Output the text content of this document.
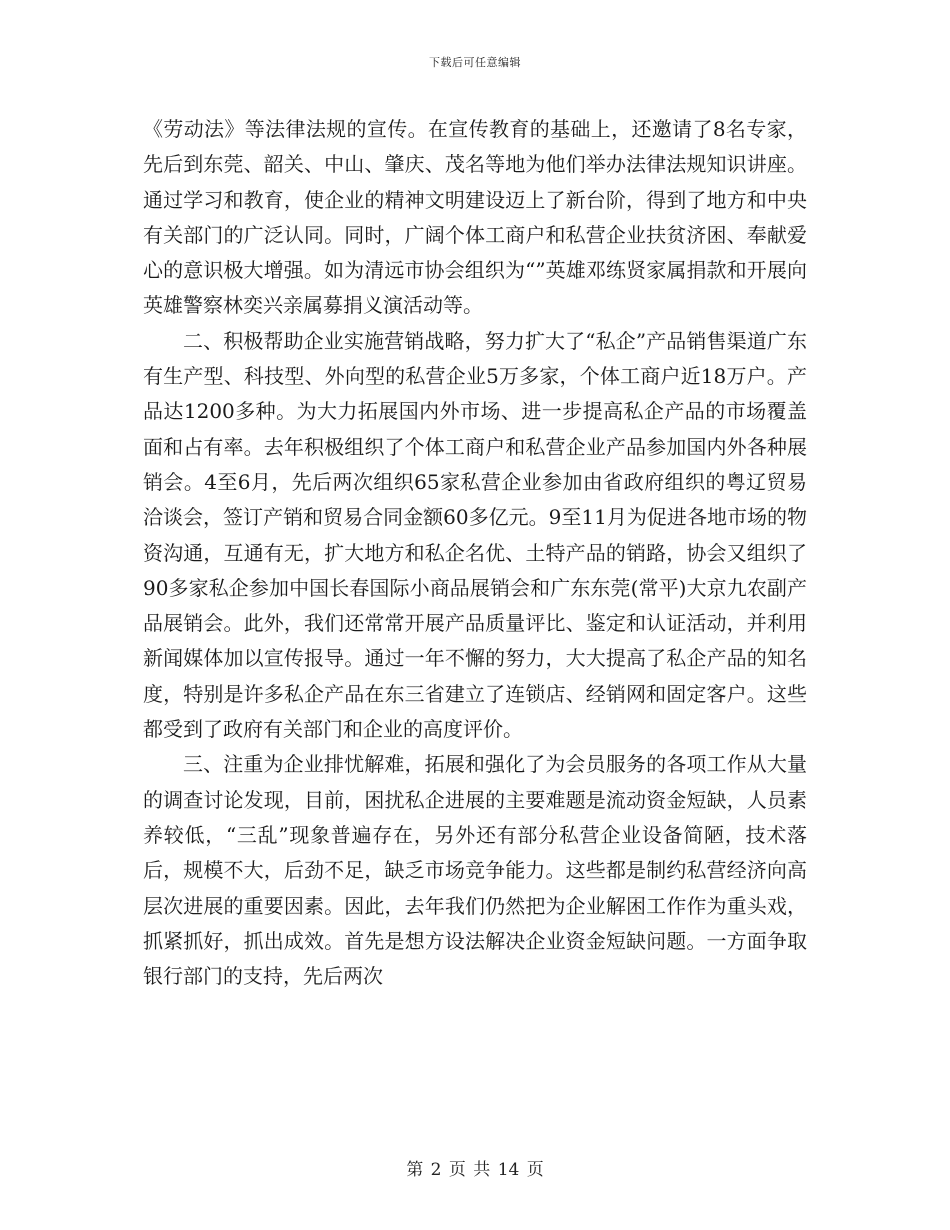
下载后可任意编辑

《劳动法》等法律法规的宣传。在宣传教育的基础上，还邀请了8名专家，先后到东莞、韶关、中山、肇庆、茂名等地为他们举办法律法规知识讲座。通过学习和教育，使企业的精神文明建设迈上了新台阶，得到了地方和中央有关部门的广泛认同。同时，广阔个体工商户和私营企业扶贫济困、奉献爱心的意识极大增强。如为清远市协会组织为“”英雄邓练贤家属捐款和开展向英雄警察林奕兴亲属募捐义演活动等。

二、积极帮助企业实施营销战略，努力扩大了“私企”产品销售渠道广东有生产型、科技型、外向型的私营企业5万多家，个体工商户近18万户。产品达1200多种。为大力拓展国内外市场、进一步提高私企产品的市场覆盖面和占有率。去年积极组织了个体工商户和私营企业产品参加国内外各种展销会。4至6月，先后两次组织65家私营企业参加由省政府组织的粤辽贸易洽谈会，签订产销和贸易合同金额60多亿元。9至11月为促进各地市场的物资沟通，互通有无，扩大地方和私企名优、土特产品的销路，协会又组织了90多家私企参加中国长春国际小商品展销会和广东东莞(常平)大京九农副产品展销会。此外，我们还常常开展产品质量评比、鉴定和认证活动，并利用新闻媒体加以宣传报导。通过一年不懈的努力，大大提高了私企产品的知名度，特别是许多私企产品在东三省建立了连锁店、经销网和固定客户。这些都受到了政府有关部门和企业的高度评价。

三、注重为企业排忧解难，拓展和强化了为会员服务的各项工作从大量的调查讨论发现，目前，困扰私企进展的主要难题是流动资金短缺，人员素养较低，“三乱”现象普遍存在，另外还有部分私营企业设备简陋，技术落后，规模不大，后劲不足，缺乏市场竞争能力。这些都是制约私营经济向高层次进展的重要因素。因此，去年我们仍然把为企业解困工作作为重头戏，抓紧抓好，抓出成效。首先是想方设法解决企业资金短缺问题。一方面争取银行部门的支持，先后两次

第 2 页 共 14 页
